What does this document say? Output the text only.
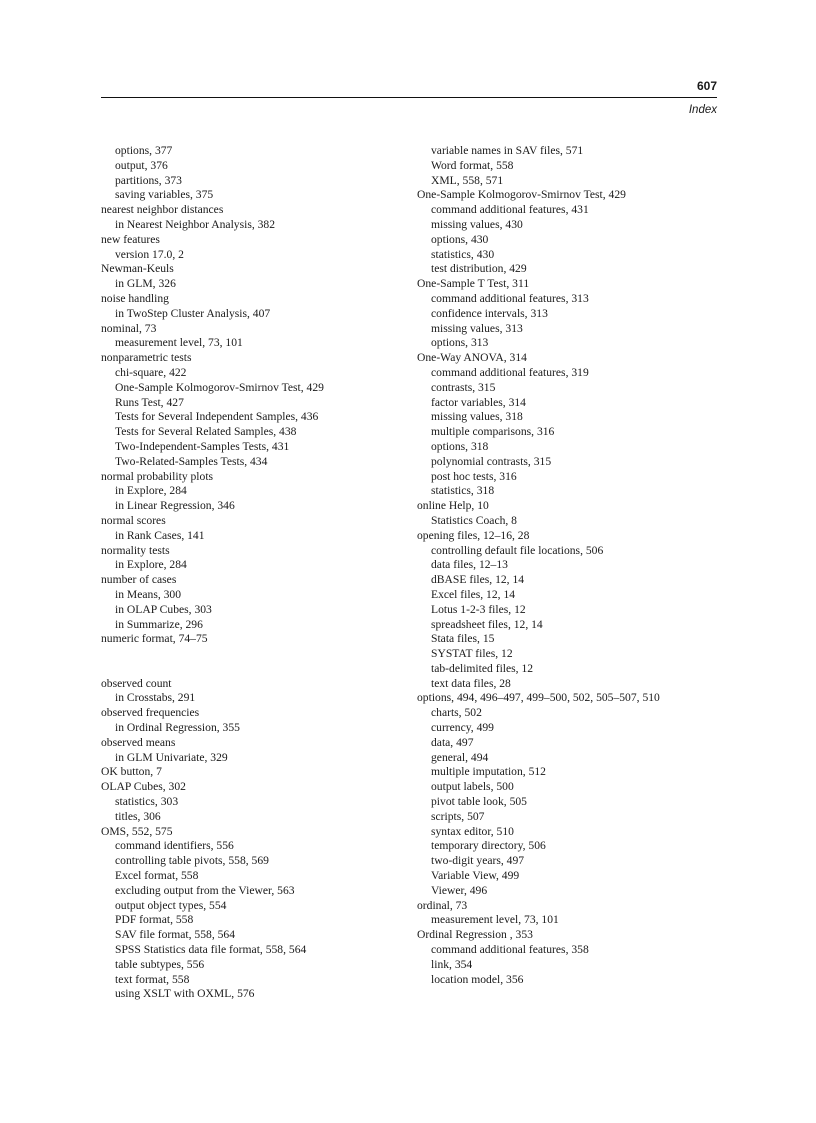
607
Index
options, 377
output, 376
partitions, 373
saving variables, 375
nearest neighbor distances
in Nearest Neighbor Analysis, 382
new features
version 17.0, 2
Newman-Keuls
in GLM, 326
noise handling
in TwoStep Cluster Analysis, 407
nominal, 73
measurement level, 73, 101
nonparametric tests
chi-square, 422
One-Sample Kolmogorov-Smirnov Test, 429
Runs Test, 427
Tests for Several Independent Samples, 436
Tests for Several Related Samples, 438
Two-Independent-Samples Tests, 431
Two-Related-Samples Tests, 434
normal probability plots
in Explore, 284
in Linear Regression, 346
normal scores
in Rank Cases, 141
normality tests
in Explore, 284
number of cases
in Means, 300
in OLAP Cubes, 303
in Summarize, 296
numeric format, 74–75
observed count
in Crosstabs, 291
observed frequencies
in Ordinal Regression, 355
observed means
in GLM Univariate, 329
OK button, 7
OLAP Cubes, 302
statistics, 303
titles, 306
OMS, 552, 575
command identifiers, 556
controlling table pivots, 558, 569
Excel format, 558
excluding output from the Viewer, 563
output object types, 554
PDF format, 558
SAV file format, 558, 564
SPSS Statistics data file format, 558, 564
table subtypes, 556
text format, 558
using XSLT with OXML, 576
variable names in SAV files, 571
Word format, 558
XML, 558, 571
One-Sample Kolmogorov-Smirnov Test, 429
command additional features, 431
missing values, 430
options, 430
statistics, 430
test distribution, 429
One-Sample T Test, 311
command additional features, 313
confidence intervals, 313
missing values, 313
options, 313
One-Way ANOVA, 314
command additional features, 319
contrasts, 315
factor variables, 314
missing values, 318
multiple comparisons, 316
options, 318
polynomial contrasts, 315
post hoc tests, 316
statistics, 318
online Help, 10
Statistics Coach, 8
opening files, 12–16, 28
controlling default file locations, 506
data files, 12–13
dBASE files, 12, 14
Excel files, 12, 14
Lotus 1-2-3 files, 12
spreadsheet files, 12, 14
Stata files, 15
SYSTAT files, 12
tab-delimited files, 12
text data files, 28
options, 494, 496–497, 499–500, 502, 505–507, 510
charts, 502
currency, 499
data, 497
general, 494
multiple imputation, 512
output labels, 500
pivot table look, 505
scripts, 507
syntax editor, 510
temporary directory, 506
two-digit years, 497
Variable View, 499
Viewer, 496
ordinal, 73
measurement level, 73, 101
Ordinal Regression , 353
command additional features, 358
link, 354
location model, 356
